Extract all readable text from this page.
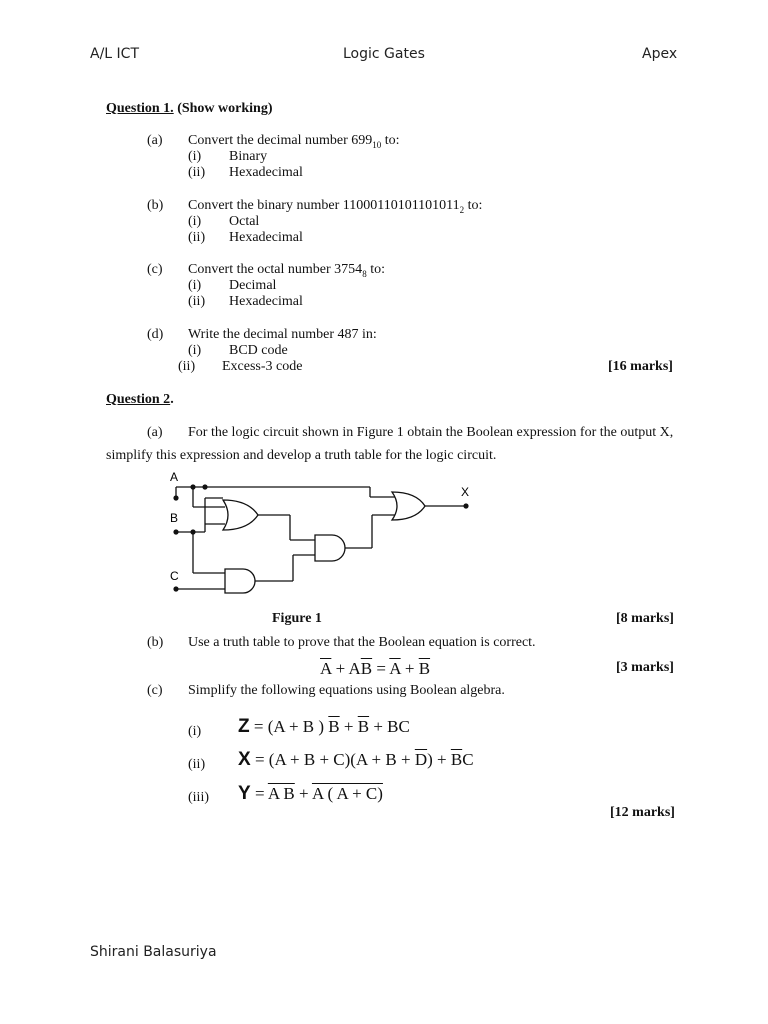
A/L ICT	Logic Gates	Apex
Question 1. (Show working)
(a) Convert the decimal number $699_{10}$ to:
(i) Binary
(ii) Hexadecimal
(b) Convert the binary number $11000110101101011_2$ to:
(i) Octal
(ii) Hexadecimal
(c) Convert the octal number $3754_8$ to:
(i) Decimal
(ii) Hexadecimal
(d) Write the decimal number 487 in:
(i) BCD code
(ii) Excess-3 code	[16 marks]
Question 2.
(a) For the logic circuit shown in Figure 1 obtain the Boolean expression for the output X,
simplify this expression and develop a truth table for the logic circuit.
A
B
C
X
Figure 1	[8 marks]
(b) Use a truth table to prove that the Boolean equation is correct.
$\overline{A} + A\overline{B} = \overline{A} + \overline{B}$	[3 marks]
(c) Simplify the following equations using Boolean algebra.
(i) Z = (A + B ) $\overline{B} + \overline{B}$ + BC
(ii) $X = (A + B + C)(A + B + \overline{D}) + \overline{B}C$
(iii) Y = A B + A ( A + C)
[12 marks]
Shirani Balasuriya
